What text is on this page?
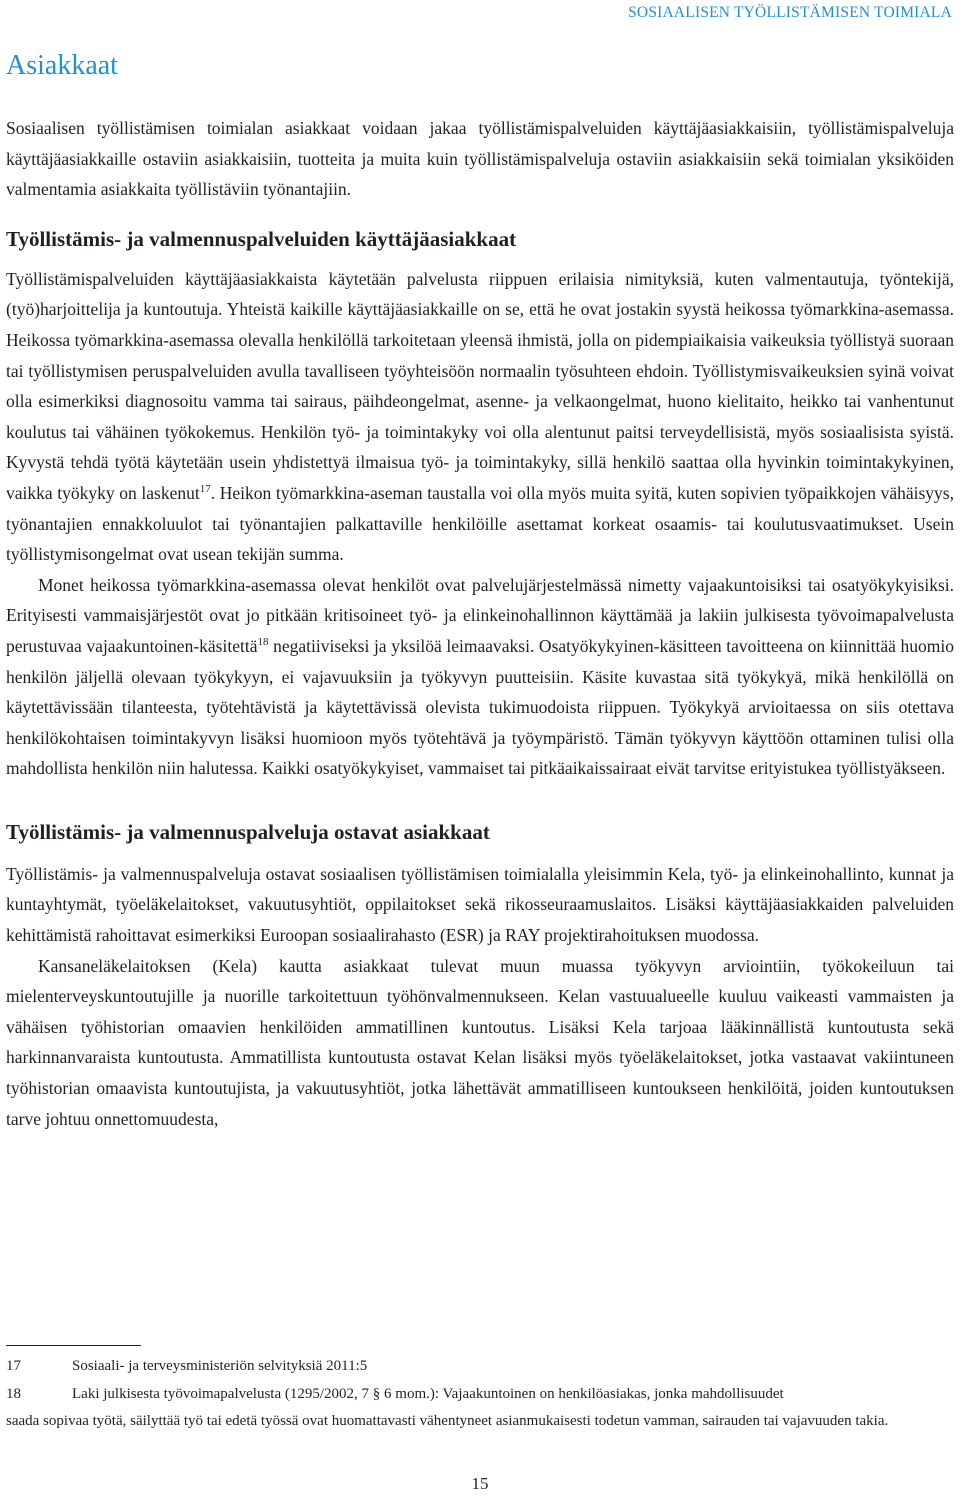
SOSIAALISEN TYÖLLISTÄMISEN TOIMIALA
Asiakkaat

Sosiaalisen työllistämisen toimialan asiakkaat voidaan jakaa työllistämispalveluiden käyttäjäasiakkaisiin, työllistämispalveluja käyttäjäasiakkaille ostaviin asiakkaisiin, tuotteita ja muita kuin työllistämispalveluja ostaviin asiakkaisiin sekä toimialan yksiköiden valmentamia asiakkaita työllistäviin työnantajiin.

Työllistämis- ja valmennuspalveluiden käyttäjäasiakkaat

Työllistämispalveluiden käyttäjäasiakkaista käytetään palvelusta riippuen erilaisia nimityksiä, kuten valmentautuja, työntekijä, (työ)harjoittelija ja kuntoutuja. Yhteistä kaikille käyttäjäasiakkaille on se, että he ovat jostakin syystä heikossa työmarkkina-asemassa. Heikossa työmarkkina-asemassa olevalla henkilöllä tarkoitetaan yleensä ihmistä, jolla on pidempiaikaisia vaikeuksia työllistyä suoraan tai työllistymisen peruspalveluiden avulla tavalliseen työyhteisöön normaalin työsuhteen ehdoin. Työllistymisvaikeuksien syinä voivat olla esimerkiksi diagnosoitu vamma tai sairaus, päihdeongelmat, asenne- ja velkaongelmat, huono kielitaito, heikko tai vanhentunut koulutus tai vähäinen työkokemus. Henkilön työ- ja toimintakyky voi olla alentunut paitsi terveydellisistä, myös sosiaalisista syistä. Kyvystä tehdä työtä käytetään usein yhdistettyä ilmaisua työ- ja toimintakyky, sillä henkilö saattaa olla hyvinkin toimintakykyinen, vaikka työkyky on laskenut$^{17}$. Heikon työmarkkina-aseman taustalla voi olla myös muita syitä, kuten sopivien työpaikkojen vähäisyys, työnantajien ennakkoluulot tai työnantajien palkattaville henkilöille asettamat korkeat osaamis- tai koulutusvaatimukset. Usein työllistymisongelmat ovat usean tekijän summa.

Monet heikossa työmarkkina-asemassa olevat henkilöt ovat palvelujärjestelmässä nimetty vajaakuntoisiksi tai osatyökykyisiksi. Erityisesti vammaisjärjestöt ovat jo pitkään kritisoineet työ- ja elinkeinohallinnon käyttämää ja lakiin julkisesta työvoimapalvelusta perustuvaa vajaakuntoinen-käsitettä$^{18}$ negatiiviseksi ja yksilöä leimaavaksi. Osatyökykyinen-käsitteen tavoitteena on kiinnittää huomio henkilön jäljellä olevaan työkykyyn, ei vajavuuksiin ja työkyvyn puutteisiin. Käsite kuvastaa sitä työkykyä, mikä henkilöllä on käytettävissään tilanteesta, työtehtävistä ja käytettävissä olevista tukimuodoista riippuen. Työkykyä arvioitaessa on siis otettava henkilökohtaisen toimintakyvyn lisäksi huomioon myös työtehtävä ja työympäristö. Tämän työkyvyn käyttöön ottaminen tulisi olla mahdollista henkilön niin halutessa. Kaikki osatyökykyiset, vammaiset tai pitkäaikaissairaat eivät tarvitse erityistukea työllistyäkseen.

Työllistämis- ja valmennuspalveluja ostavat asiakkaat

Työllistämis- ja valmennuspalveluja ostavat sosiaalisen työllistämisen toimialalla yleisimmin Kela, työ- ja elinkeinohallinto, kunnat ja kuntayhtymät, työeläkelaitokset, vakuutusyhtiöt, oppilaitokset sekä rikosseuraamuslaitos. Lisäksi käyttäjäasiakkaiden palveluiden kehittämistä rahoittavat esimerkiksi Euroopan sosiaalirahasto (ESR) ja RAY projektirahoituksen muodossa.

Kansaneläkelaitoksen (Kela) kautta asiakkaat tulevat muun muassa työkyvyn arviointiin, työkokeiluun tai mielenterveyskuntoutujille ja nuorille tarkoitettuun työhönvalmennukseen. Kelan vastuualueelle kuuluu vaikeasti vammaisten ja vähäisen työhistorian omaavien henkilöiden ammatillinen kuntoutus. Lisäksi Kela tarjoaa lääkinnällistä kuntoutusta sekä harkinnanvaraista kuntoutusta. Ammatillista kuntoutusta ostavat Kelan lisäksi myös työeläkelaitokset, jotka vastaavat vakiintuneen työhistorian omaavista kuntoutujista, ja vakuutusyhtiöt, jotka lähettävät ammatilliseen kuntoukseen henkilöitä, joiden kuntoutuksen tarve johtuu onnettomuudesta,

17	Sosiaali- ja terveysministeriön selvityksiä 2011:5
18	Laki julkisesta työvoimapalvelusta (1295/2002, 7 § 6 mom.): Vajaakuntoinen on henkilöasiakas, jonka mahdollisuudet
saada sopivaa työtä, säilyttää työ tai edetä työssä ovat huomattavasti vähentyneet asianmukaisesti todetun vamman, sairauden tai vajavuuden takia.
15
